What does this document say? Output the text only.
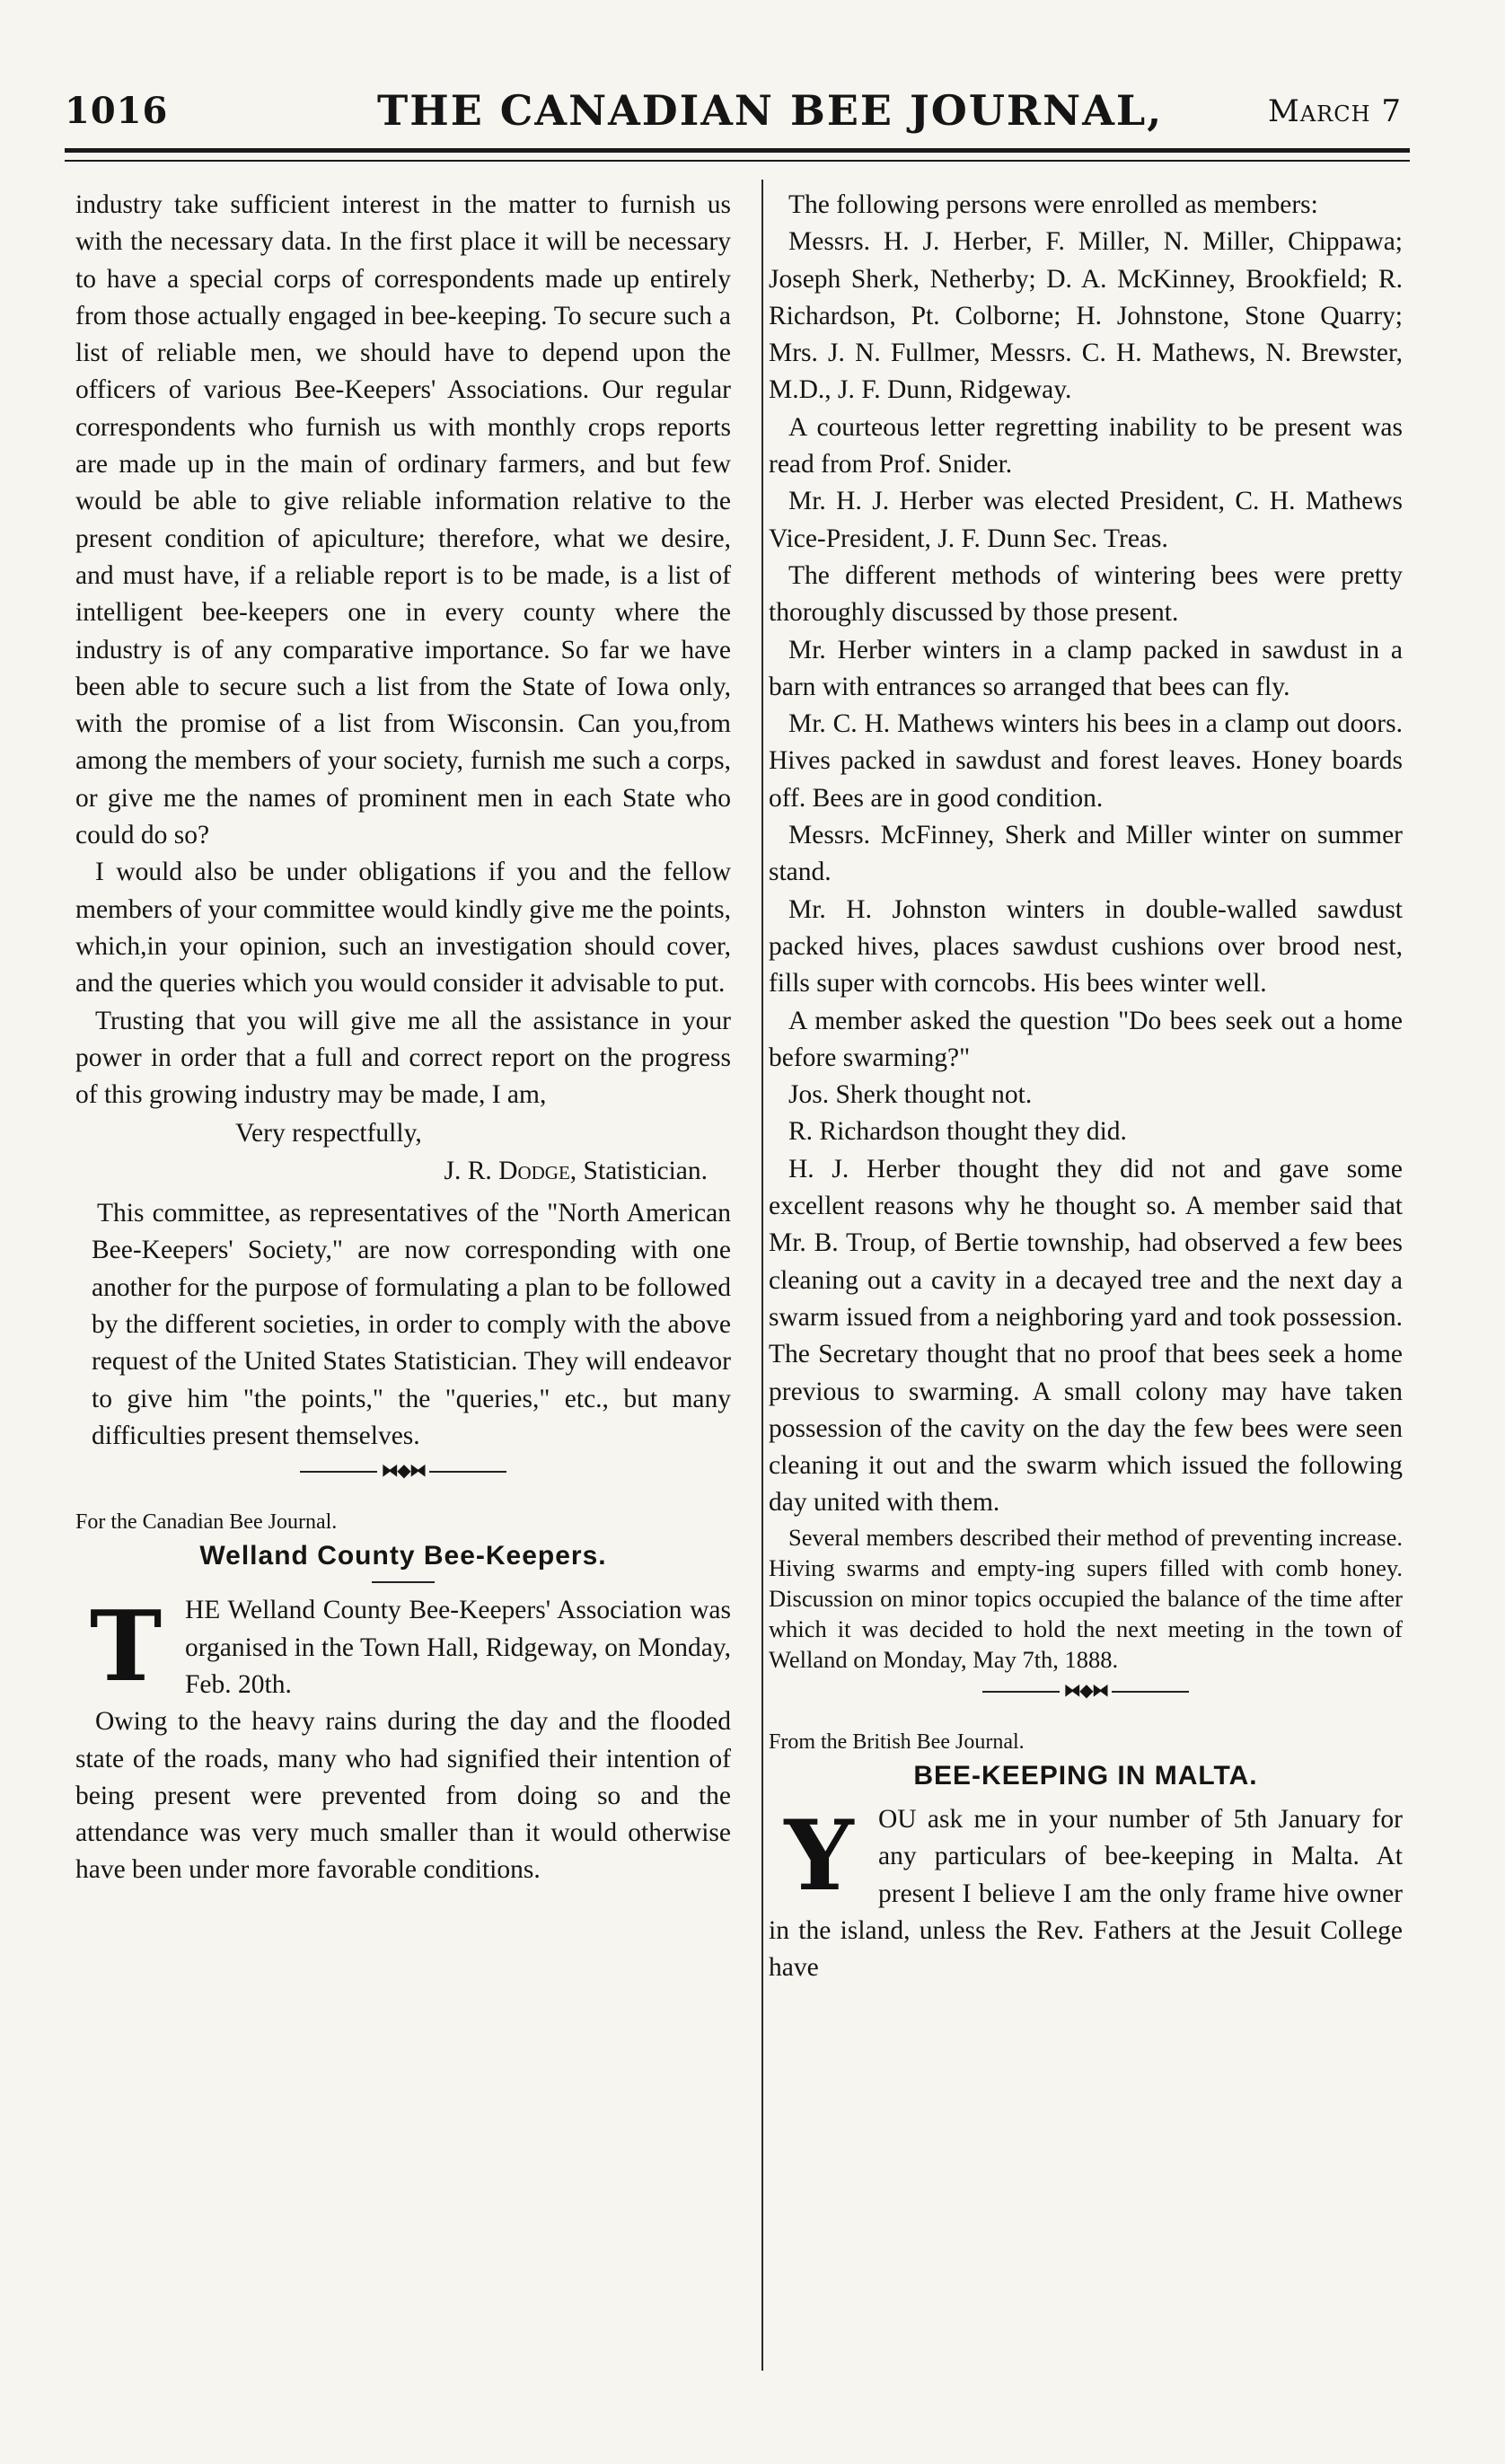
1016	THE CANADIAN BEE JOURNAL,	March 7

industry take sufficient interest in the matter to furnish us with the necessary data. In the first place it will be necessary to have a special corps of correspondents made up entirely from those actually engaged in bee-keeping. To secure such a list of reliable men, we should have to depend upon the officers of various Bee-Keepers' Associations. Our regular correspondents who furnish us with monthly crops reports are made up in the main of ordinary farmers, and but few would be able to give reliable information relative to the present condition of apiculture; therefore, what we desire, and must have, if a reliable report is to be made, is a list of intelligent bee-keepers one in every county where the industry is of any comparative importance. So far we have been able to secure such a list from the State of Iowa only, with the promise of a list from Wisconsin. Can you,from among the members of your society, furnish me such a corps, or give me the names of prominent men in each State who could do so?

I would also be under obligations if you and the fellow members of your committee would kindly give me the points, which,in your opinion, such an investigation should cover, and the queries which you would consider it advisable to put.

Trusting that you will give me all the assistance in your power in order that a full and correct report on the progress of this growing industry may be made, I am,

Very respectfully,

J. R. Dodge, Statistician.

This committee, as representatives of the "North American Bee-Keepers' Society," are now corresponding with one another for the purpose of formulating a plan to be followed by the different societies, in order to comply with the above request of the United States Statistician. They will endeavor to give him "the points," the "queries," etc., but many difficulties present themselves.

⧓◆⧓

For the Canadian Bee Journal.

Welland County Bee-Keepers.

T HE Welland County Bee-Keepers' Association was organised in the Town Hall, Ridgeway, on Monday, Feb. 20th.

Owing to the heavy rains during the day and the flooded state of the roads, many who had signified their intention of being present were prevented from doing so and the attendance was very much smaller than it would otherwise have been under more favorable conditions.

The following persons were enrolled as members:

Messrs. H. J. Herber, F. Miller, N. Miller, Chippawa; Joseph Sherk, Netherby; D. A. McKinney, Brookfield; R. Richardson, Pt. Colborne; H. Johnstone, Stone Quarry; Mrs. J. N. Fullmer, Messrs. C. H. Mathews, N. Brewster, M.D., J. F. Dunn, Ridgeway.

A courteous letter regretting inability to be present was read from Prof. Snider.

Mr. H. J. Herber was elected President, C. H. Mathews Vice-President, J. F. Dunn Sec. Treas.

The different methods of wintering bees were pretty thoroughly discussed by those present.

Mr. Herber winters in a clamp packed in sawdust in a barn with entrances so arranged that bees can fly.

Mr. C. H. Mathews winters his bees in a clamp out doors. Hives packed in sawdust and forest leaves. Honey boards off. Bees are in good condition.

Messrs. McFinney, Sherk and Miller winter on summer stand.

Mr. H. Johnston winters in double-walled sawdust packed hives, places sawdust cushions over brood nest, fills super with corncobs. His bees winter well.

A member asked the question "Do bees seek out a home before swarming?"

Jos. Sherk thought not.

R. Richardson thought they did.

H. J. Herber thought they did not and gave some excellent reasons why he thought so. A member said that Mr. B. Troup, of Bertie township, had observed a few bees cleaning out a cavity in a decayed tree and the next day a swarm issued from a neighboring yard and took possession. The Secretary thought that no proof that bees seek a home previous to swarming. A small colony may have taken possession of the cavity on the day the few bees were seen cleaning it out and the swarm which issued the following day united with them.

Several members described their method of preventing increase. Hiving swarms and empty-ing supers filled with comb honey. Discussion on minor topics occupied the balance of the time after which it was decided to hold the next meeting in the town of Welland on Monday, May 7th, 1888.

⧓◆⧓

From the British Bee Journal.

BEE-KEEPING IN MALTA.

Y OU ask me in your number of 5th January for any particulars of bee-keeping in Malta. At present I believe I am the only frame hive owner in the island, unless the Rev. Fathers at the Jesuit College have
